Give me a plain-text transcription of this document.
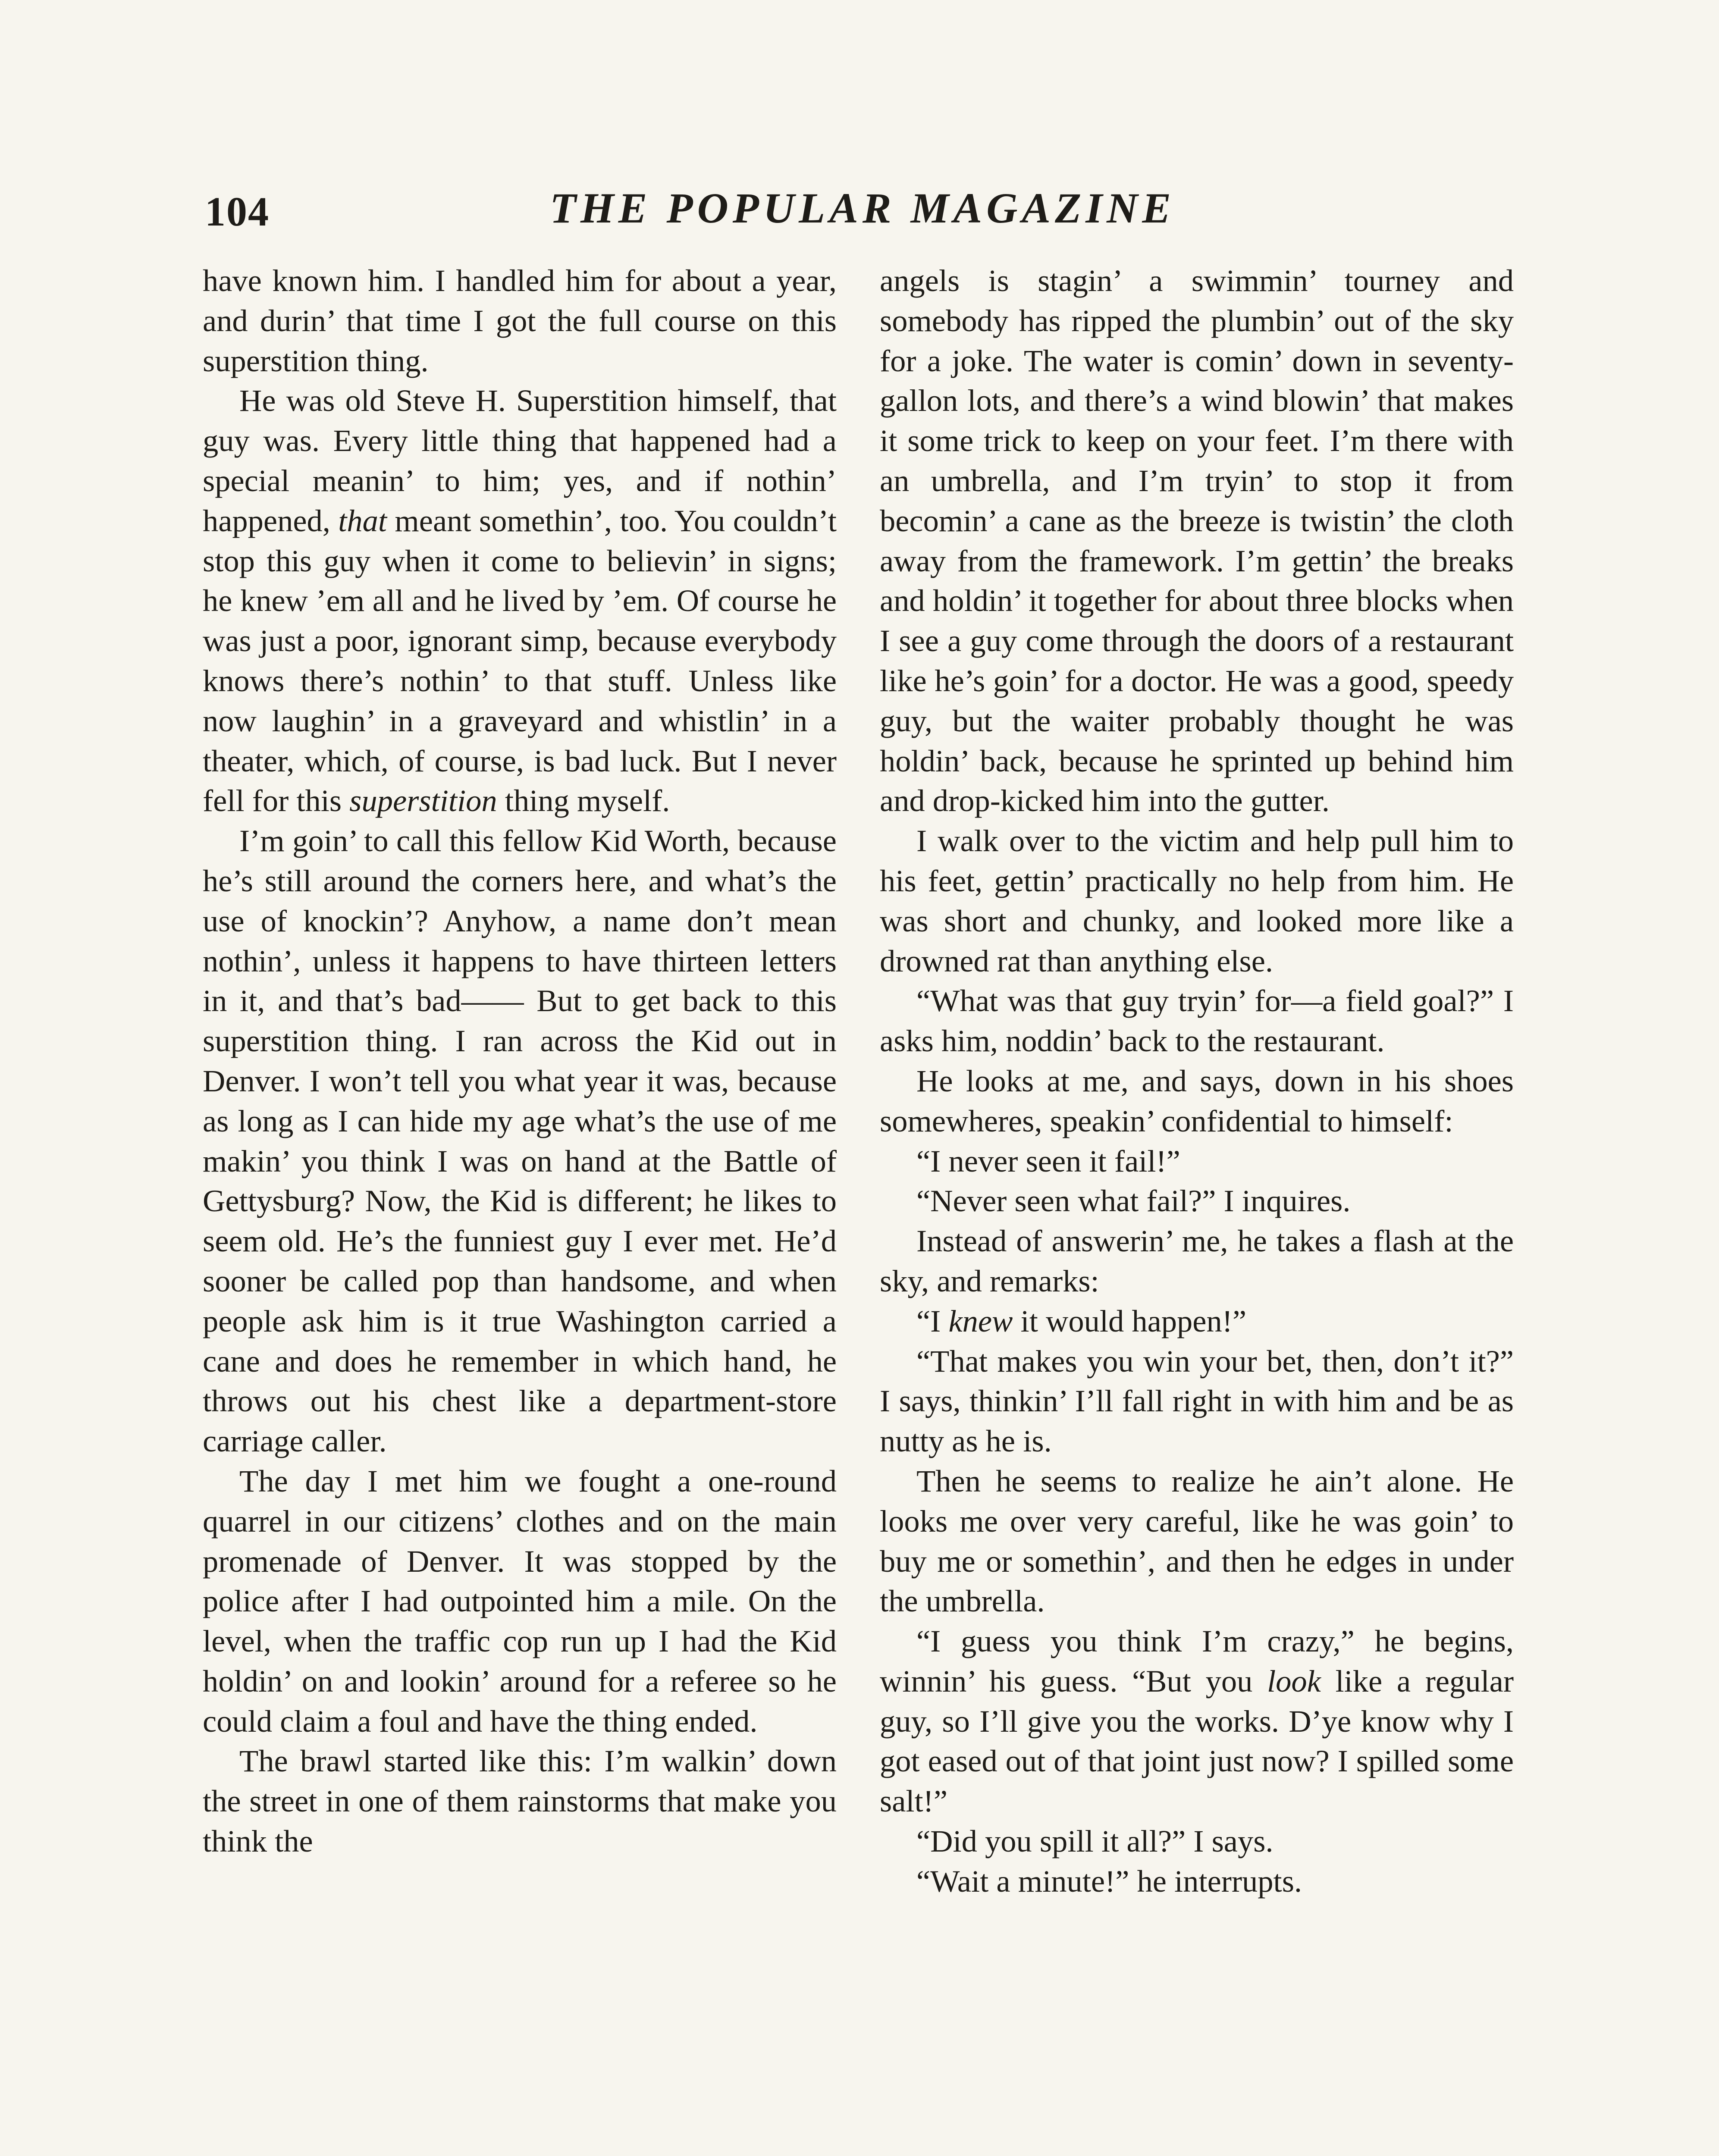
104	THE POPULAR MAGAZINE

have known him. I handled him for about a year, and durin’ that time I got the full course on this superstition thing.

He was old Steve H. Superstition himself, that guy was. Every little thing that happened had a special meanin’ to him; yes, and if nothin’ happened, that meant somethin’, too. You couldn’t stop this guy when it come to believin’ in signs; he knew ’em all and he lived by ’em. Of course he was just a poor, ignorant simp, because everybody knows there’s nothin’ to that stuff. Unless like now laughin’ in a graveyard and whistlin’ in a theater, which, of course, is bad luck. But I never fell for this superstition thing myself.

I’m goin’ to call this fellow Kid Worth, because he’s still around the corners here, and what’s the use of knockin’? Anyhow, a name don’t mean nothin’, unless it happens to have thirteen letters in it, and that’s bad—— But to get back to this superstition thing. I ran across the Kid out in Denver. I won’t tell you what year it was, because as long as I can hide my age what’s the use of me makin’ you think I was on hand at the Battle of Gettysburg? Now, the Kid is different; he likes to seem old. He’s the funniest guy I ever met. He’d sooner be called pop than handsome, and when people ask him is it true Washington carried a cane and does he remember in which hand, he throws out his chest like a department-store carriage caller.

The day I met him we fought a one-round quarrel in our citizens’ clothes and on the main promenade of Denver. It was stopped by the police after I had outpointed him a mile. On the level, when the traffic cop run up I had the Kid holdin’ on and lookin’ around for a referee so he could claim a foul and have the thing ended.

The brawl started like this: I’m walkin’ down the street in one of them rainstorms that make you think the

angels is stagin’ a swimmin’ tourney and somebody has ripped the plumbin’ out of the sky for a joke. The water is comin’ down in seventy-gallon lots, and there’s a wind blowin’ that makes it some trick to keep on your feet. I’m there with an umbrella, and I’m tryin’ to stop it from becomin’ a cane as the breeze is twistin’ the cloth away from the framework. I’m gettin’ the breaks and holdin’ it together for about three blocks when I see a guy come through the doors of a restaurant like he’s goin’ for a doctor. He was a good, speedy guy, but the waiter probably thought he was holdin’ back, because he sprinted up behind him and drop-kicked him into the gutter.

I walk over to the victim and help pull him to his feet, gettin’ practically no help from him. He was short and chunky, and looked more like a drowned rat than anything else.

“What was that guy tryin’ for—a field goal?” I asks him, noddin’ back to the restaurant.

He looks at me, and says, down in his shoes somewheres, speakin’ confidential to himself:

“I never seen it fail!”

“Never seen what fail?” I inquires.

Instead of answerin’ me, he takes a flash at the sky, and remarks:

“I knew it would happen!”

“That makes you win your bet, then, don’t it?” I says, thinkin’ I’ll fall right in with him and be as nutty as he is.

Then he seems to realize he ain’t alone. He looks me over very careful, like he was goin’ to buy me or somethin’, and then he edges in under the umbrella.

“I guess you think I’m crazy,” he begins, winnin’ his guess. “But you look like a regular guy, so I’ll give you the works. D’ye know why I got eased out of that joint just now? I spilled some salt!”

“Did you spill it all?” I says.

“Wait a minute!” he interrupts.
